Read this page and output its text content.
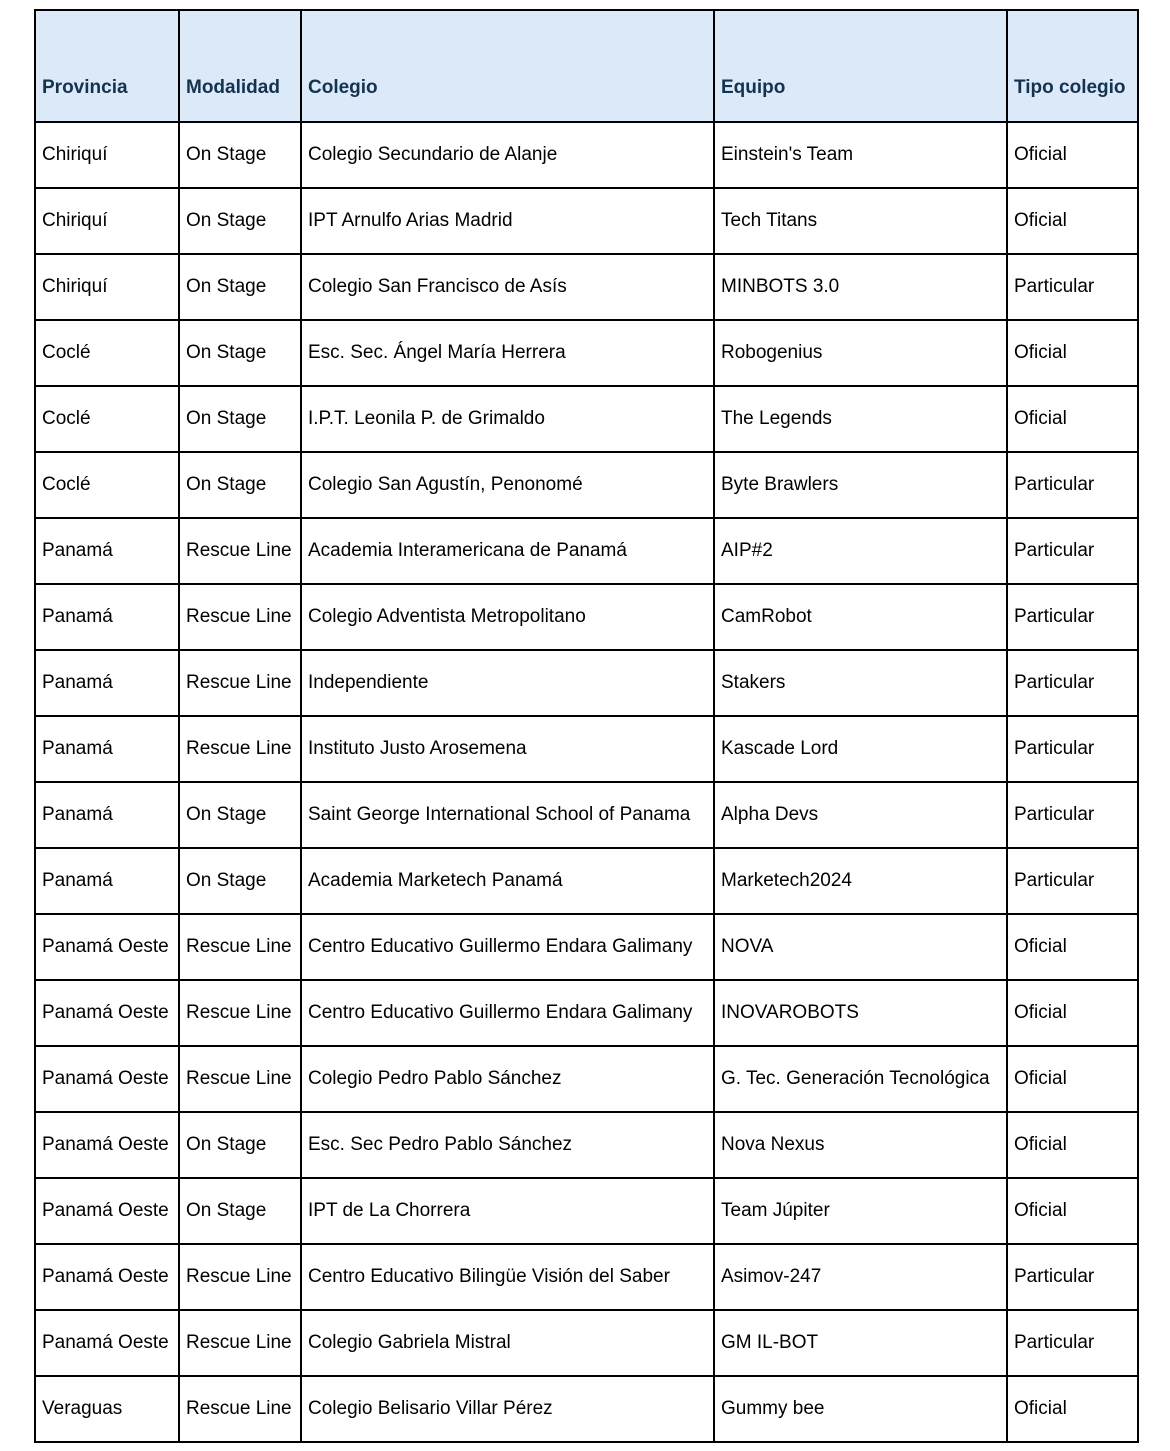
Provincia	Modalidad	Colegio	Equipo	Tipo colegio
Chiriquí	On Stage	Colegio Secundario de Alanje	Einstein's Team	Oficial
Chiriquí	On Stage	IPT Arnulfo Arias Madrid	Tech Titans	Oficial
Chiriquí	On Stage	Colegio San Francisco de Asís	MINBOTS 3.0	Particular
Coclé	On Stage	Esc. Sec. Ángel María Herrera	Robogenius	Oficial
Coclé	On Stage	I.P.T. Leonila P. de Grimaldo	The Legends	Oficial
Coclé	On Stage	Colegio San Agustín, Penonomé	Byte Brawlers	Particular
Panamá	Rescue Line	Academia Interamericana de Panamá	AIP#2	Particular
Panamá	Rescue Line	Colegio Adventista Metropolitano	CamRobot	Particular
Panamá	Rescue Line	Independiente	Stakers	Particular
Panamá	Rescue Line	Instituto Justo Arosemena	Kascade Lord	Particular
Panamá	On Stage	Saint George International School of Panama	Alpha Devs	Particular
Panamá	On Stage	Academia Marketech Panamá	Marketech2024	Particular
Panamá Oeste	Rescue Line	Centro Educativo Guillermo Endara Galimany	NOVA	Oficial
Panamá Oeste	Rescue Line	Centro Educativo Guillermo Endara Galimany	INOVAROBOTS	Oficial
Panamá Oeste	Rescue Line	Colegio Pedro Pablo Sánchez	G. Tec. Generación Tecnológica	Oficial
Panamá Oeste	On Stage	Esc. Sec Pedro Pablo Sánchez	Nova Nexus	Oficial
Panamá Oeste	On Stage	IPT de La Chorrera	Team Júpiter	Oficial
Panamá Oeste	Rescue Line	Centro Educativo Bilingüe Visión del Saber	Asimov-247	Particular
Panamá Oeste	Rescue Line	Colegio Gabriela Mistral	GM IL-BOT	Particular
Veraguas	Rescue Line	Colegio Belisario Villar Pérez	Gummy bee	Oficial
